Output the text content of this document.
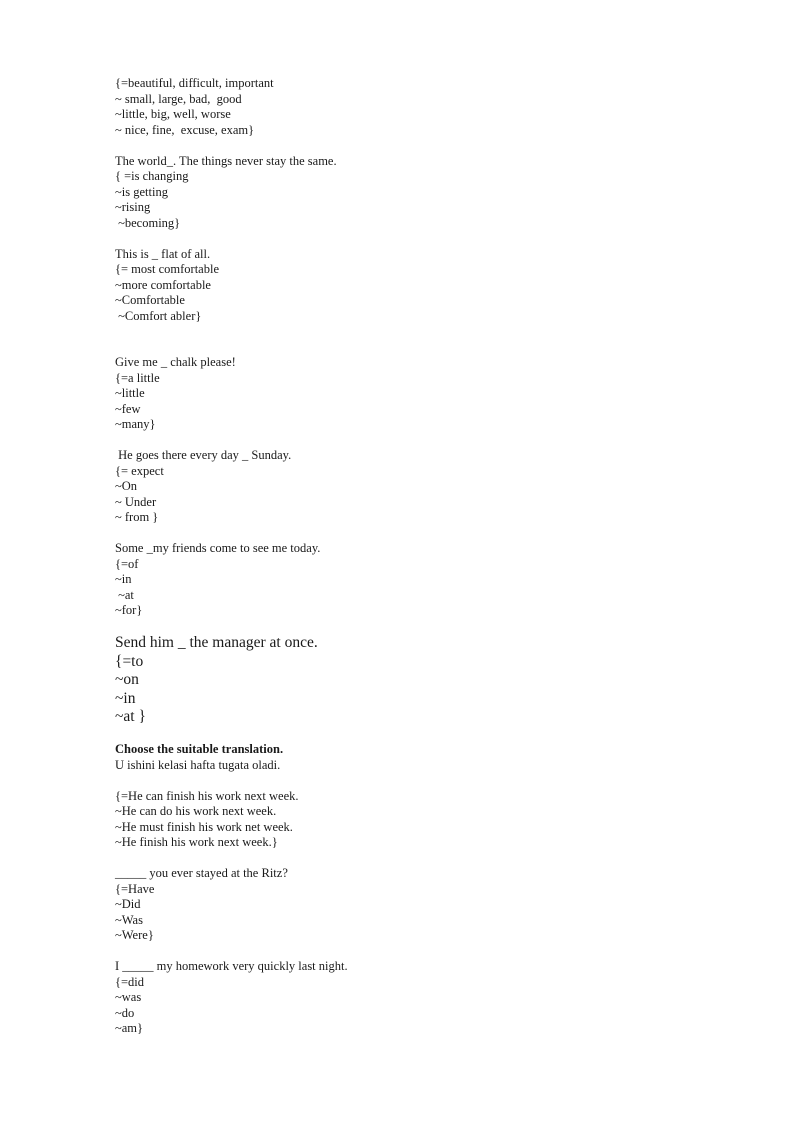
{=beautiful, difficult, important

~ small, large, bad,  good

~little, big, well, worse

~ nice, fine,  excuse, exam}

The world_. The things never stay the same.

{ =is changing

~is getting

~rising

~becoming}

This is _ flat of all.

{= most comfortable

~more comfortable

~Comfortable

~Comfort abler}

Give me _ chalk please!

{=a little

~little

~few

~many}

He goes there every day _ Sunday.

{= expect

~On

~ Under

~ from }

Some _my friends come to see me today.

{=of

~in

~at

~for}

Send him _ the manager at once.

{=to

~on

~in

~at }

Choose the suitable translation.

U ishini kelasi hafta tugata oladi.

{=He can finish his work next week.

~He can do his work next week.

~He must finish his work net week.

~He finish his work next week.}

_____ you ever stayed at the Ritz?

{=Have

~Did

~Was

~Were}

I _____ my homework very quickly last night.

{=did

~was

~do

~am}
